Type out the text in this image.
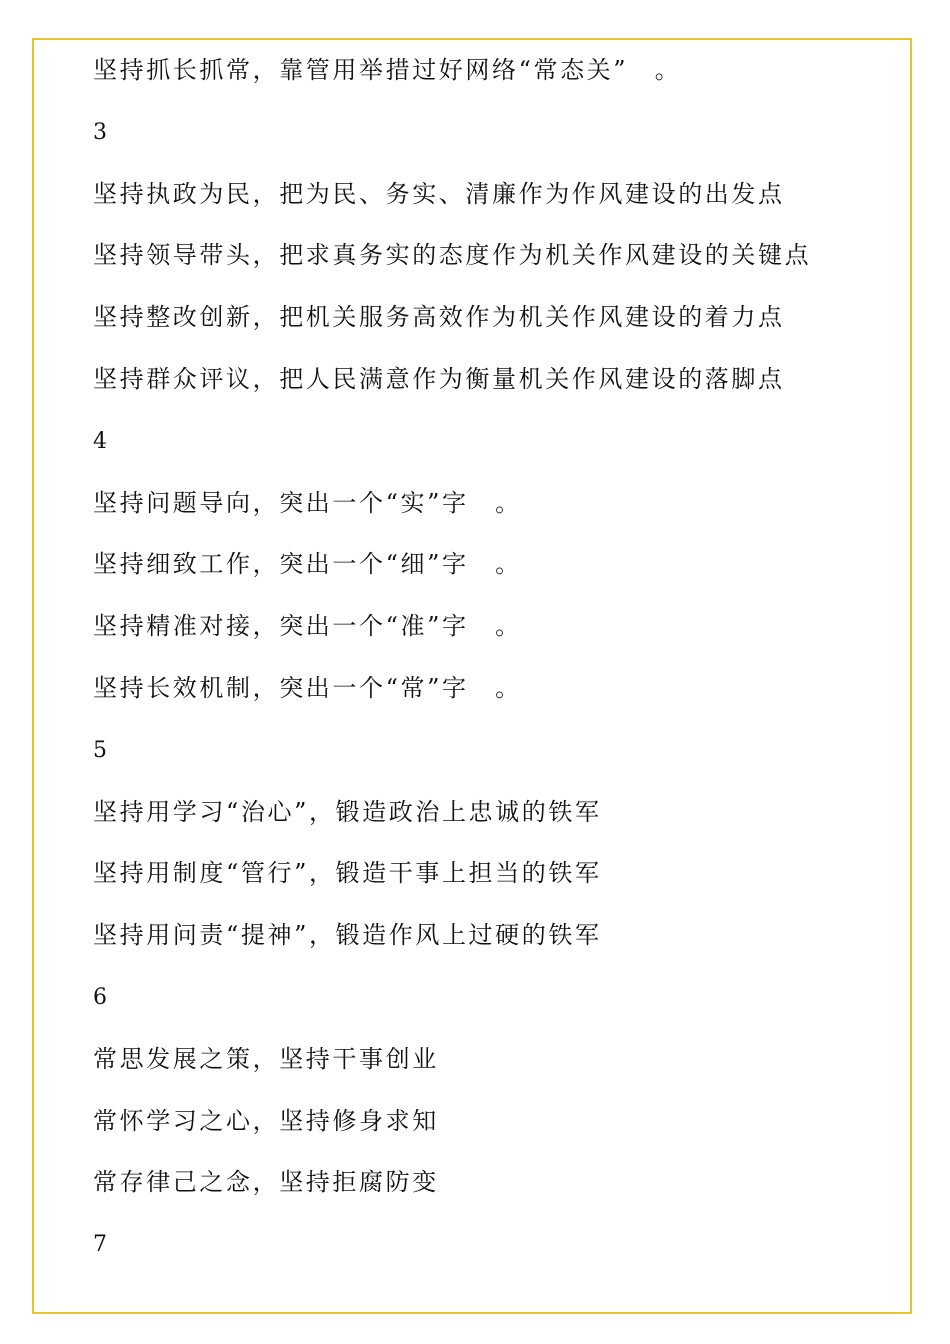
坚持抓长抓常，靠管用举措过好网络“常态关”　。
3
坚持执政为民，把为民、务实、清廉作为作风建设的出发点
坚持领导带头，把求真务实的态度作为机关作风建设的关键点
坚持整改创新，把机关服务高效作为机关作风建设的着力点
坚持群众评议，把人民满意作为衡量机关作风建设的落脚点
4
坚持问题导向，突出一个“实”字　。
坚持细致工作，突出一个“细”字　。
坚持精准对接，突出一个“准”字　。
坚持长效机制，突出一个“常”字　。
5
坚持用学习“治心”，锻造政治上忠诚的铁军
坚持用制度“管行”，锻造干事上担当的铁军
坚持用问责“提神”，锻造作风上过硬的铁军
6
常思发展之策，坚持干事创业
常怀学习之心，坚持修身求知
常存律己之念，坚持拒腐防变
7
